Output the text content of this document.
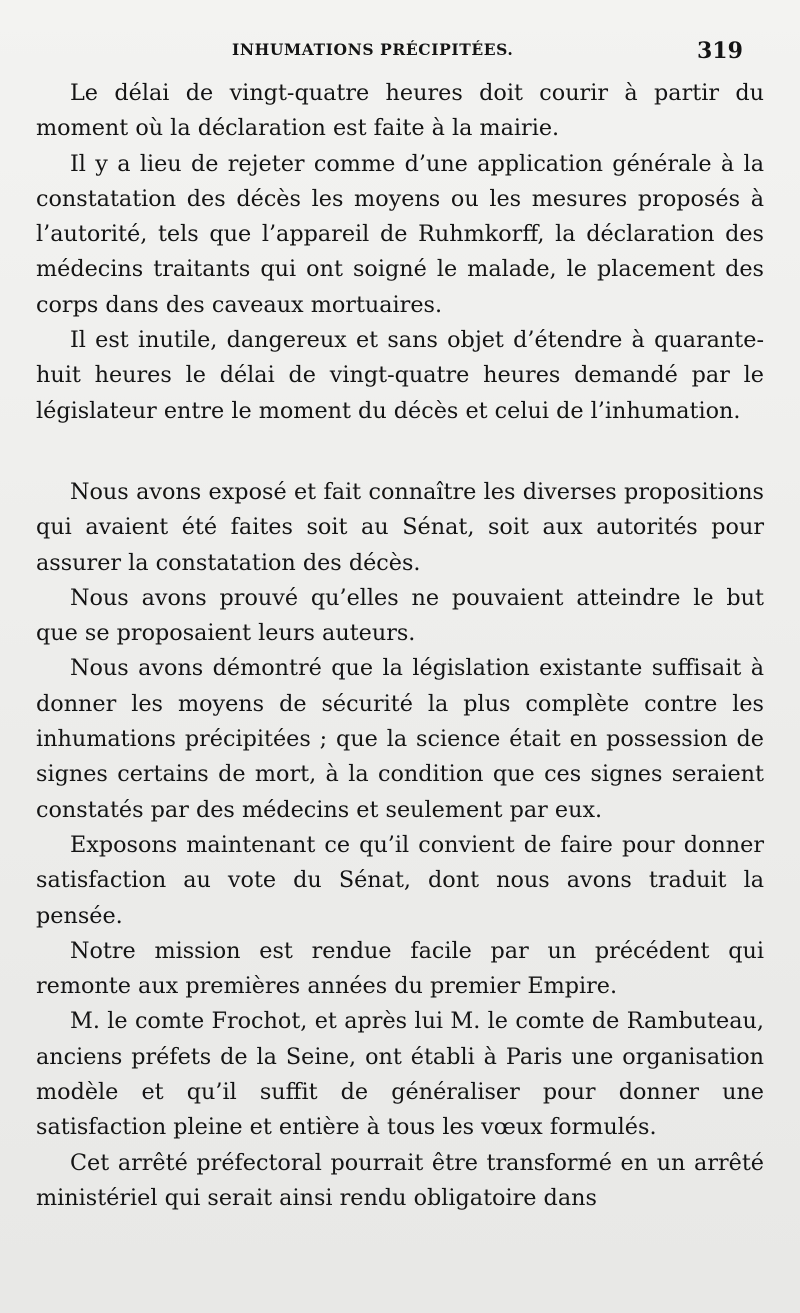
INHUMATIONS PRÉCIPITÉES.	319

Le délai de vingt-quatre heures doit courir à partir du moment où la déclaration est faite à la mairie.

Il y a lieu de rejeter comme d’une application générale à la constatation des décès les moyens ou les mesures proposés à l’autorité, tels que l’appareil de Ruhmkorff, la déclaration des médecins traitants qui ont soigné le malade, le placement des corps dans des caveaux mortuaires.

Il est inutile, dangereux et sans objet d’étendre à quarante-huit heures le délai de vingt-quatre heures demandé par le législateur entre le moment du décès et celui de l’inhumation.

Nous avons exposé et fait connaître les diverses propositions qui avaient été faites soit au Sénat, soit aux autorités pour assurer la constatation des décès.

Nous avons prouvé qu’elles ne pouvaient atteindre le but que se proposaient leurs auteurs.

Nous avons démontré que la législation existante suffisait à donner les moyens de sécurité la plus complète contre les inhumations précipitées ; que la science était en possession de signes certains de mort, à la condition que ces signes seraient constatés par des médecins et seulement par eux.

Exposons maintenant ce qu’il convient de faire pour donner satisfaction au vote du Sénat, dont nous avons traduit la pensée.

Notre mission est rendue facile par un précédent qui remonte aux premières années du premier Empire.

M. le comte Frochot, et après lui M. le comte de Rambuteau, anciens préfets de la Seine, ont établi à Paris une organisation modèle et qu’il suffit de généraliser pour donner une satisfaction pleine et entière à tous les vœux formulés.

Cet arrêté préfectoral pourrait être transformé en un arrêté ministériel qui serait ainsi rendu obligatoire dans
